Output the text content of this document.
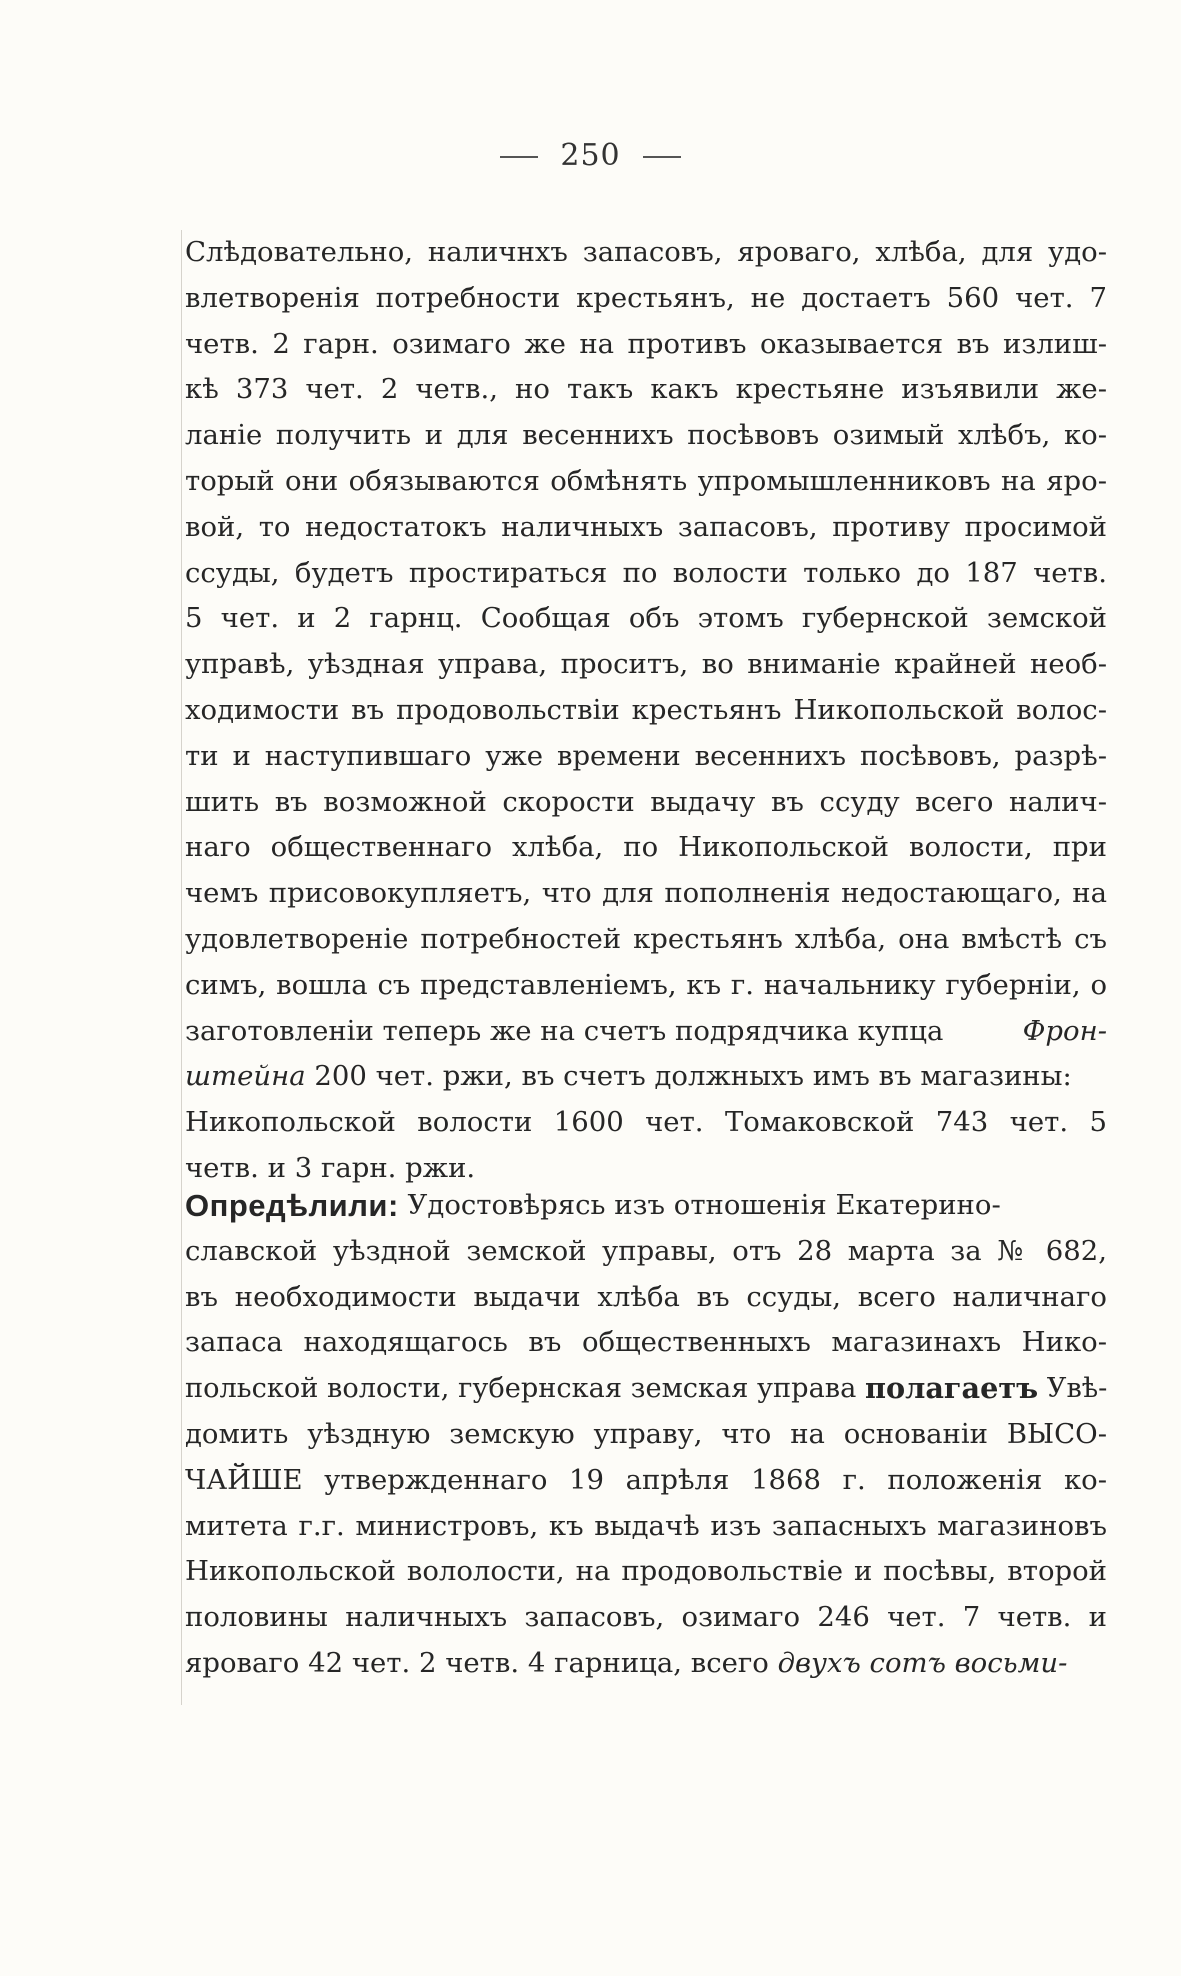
250
Слѣдовательно, наличнхъ запасовъ, яроваго, хлѣба, для удо-
влетворенія потребности крестьянъ, не достаетъ 560 чет. 7
четв. 2 гарн. озимаго же на противъ оказывается въ излиш-
кѣ 373 чет. 2 четв., но такъ какъ крестьяне изъявили же-
ланіе получить и для весеннихъ посѣвовъ озимый хлѣбъ, ко-
торый они обязываются обмѣнять упромышленниковъ на яро-
вой, то недостатокъ наличныхъ запасовъ, противу просимой
ссуды, будетъ простираться по волости только до 187 четв.
5 чет. и 2 гарнц. Сообщая объ этомъ губернской земской
управѣ, уѣздная управа, проситъ, во вниманіе крайней необ-
ходимости въ продовольствіи крестьянъ Никопольской волос-
ти и наступившаго уже времени весеннихъ посѣвовъ, разрѣ-
шить въ возможной скорости выдачу въ ссуду всего налич-
наго общественнаго хлѣба, по Никопольской волости, при
чемъ присовокупляетъ, что для пополненія недостающаго, на
удовлетвореніе потребностей крестьянъ хлѣба, она вмѣстѣ съ
симъ, вошла съ представленіемъ, къ г. начальнику губерніи, о
заготовленіи теперь же на счетъ подрядчика купца	Фрон-
штейна 200 чет. ржи, въ счетъ должныхъ имъ въ магазины:
Никопольской волости 1600 чет. Томаковской 743 чет. 5
четв. и 3 гарн. ржи.
Опредѣлили: Удостовѣрясь изъ отношенія Екатерино-
славской уѣздной земской управы, отъ 28 марта за № 682,
въ необходимости выдачи хлѣба въ ссуды, всего наличнаго
запаса находящагось въ общественныхъ магазинахъ Нико-
польской волости, губернская земская управа полагаетъ Увѣ-
домить уѣздную земскую управу, что на основаніи ВЫСО-
ЧАЙШЕ утвержденнаго 19 апрѣля 1868 г. положенія ко-
митета г.г. министровъ, къ выдачѣ изъ запасныхъ магазиновъ
Никопольской вололости, на продовольствіе и посѣвы, второй
половины наличныхъ запасовъ, озимаго 246 чет. 7 четв. и
яроваго 42 чет. 2 четв. 4 гарница, всего двухъ сотъ восьми-
